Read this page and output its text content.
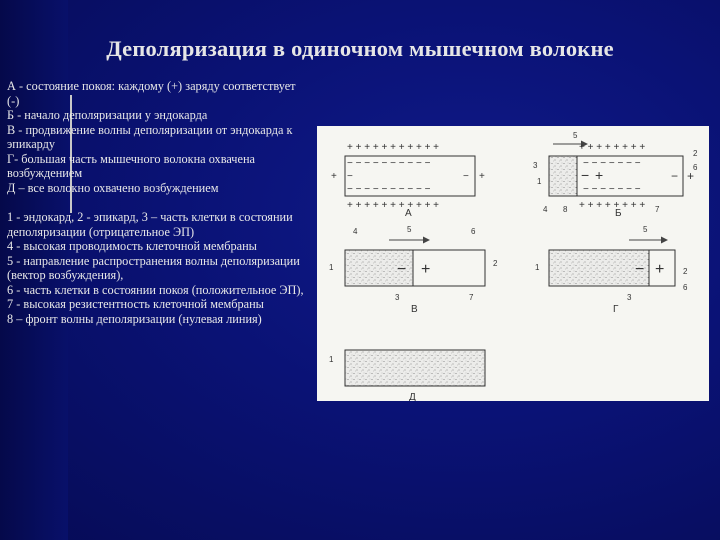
Деполяризация в одиночном мышечном волокне

А - состояние покоя: каждому (+) заряду соответствует (-)

Б - начало деполяризации у эндокарда

В - продвижение волны деполяризации от эндокарда к эпикарду

Г- большая часть мышечного волокна охвачена возбуждением

Д – все волокно охвачено возбуждением

1 - эндокард, 2 - эпикард, 3 – часть клетки в состоянии деполяризации (отрицательное ЭП)

4 - высокая проводимость клеточной мембраны

5 - направление распространения волны деполяризации (вектор возбуждения),

6 - часть клетки в состоянии покоя (положительное ЭП),

7 - высокая резистентность клеточной мембраны

8 – фронт волны деполяризации (нулевая линия)

+ + + + + + + + + + +
− − − − − − − − − −
− − − − − − − − − −
+ + + + + + + + + + +
+ −	− +
А
+ + + + + + + +
− − − − − − −
− − − − − − −
+ + + + + + + +
+
−	− +
5
3
1
4 8
2
6
7
Б
− +
4	5	6
1	2
3	7
В
− +
5
1	2
6
3
Г
1
Д
